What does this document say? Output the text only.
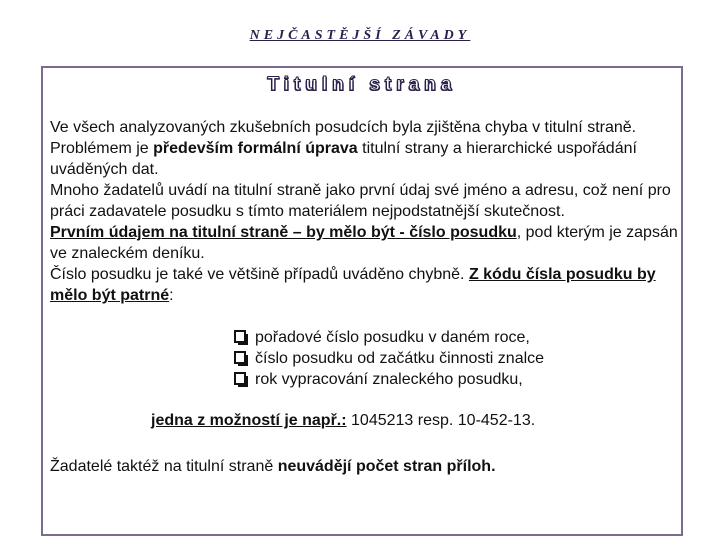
NEJČASTĚJŠÍ ZÁVADY
Titulní strana

Ve všech analyzovaných zkušebních posudcích byla zjištěna chyba v titulní straně.

Problémem je především formální úprava titulní strany a hierarchické uspořádání uváděných dat.

Mnoho žadatelů uvádí na titulní straně jako první údaj své jméno a adresu, což není pro práci zadavatele posudku s tímto materiálem nejpodstatnější skutečnost.

Prvním údajem na titulní straně – by mělo být - číslo posudku, pod kterým je zapsán ve znaleckém deníku.

Číslo posudku je také ve většině případů uváděno chybně. Z kódu čísla posudku by mělo být patrné:

pořadové číslo posudku v daném roce,
číslo posudku od začátku činnosti znalce
rok vypracování znaleckého posudku,
jedna z možností je např.: 1045213 resp. 10-452-13.
Žadatelé taktéž na titulní straně neuvádějí počet stran příloh.
